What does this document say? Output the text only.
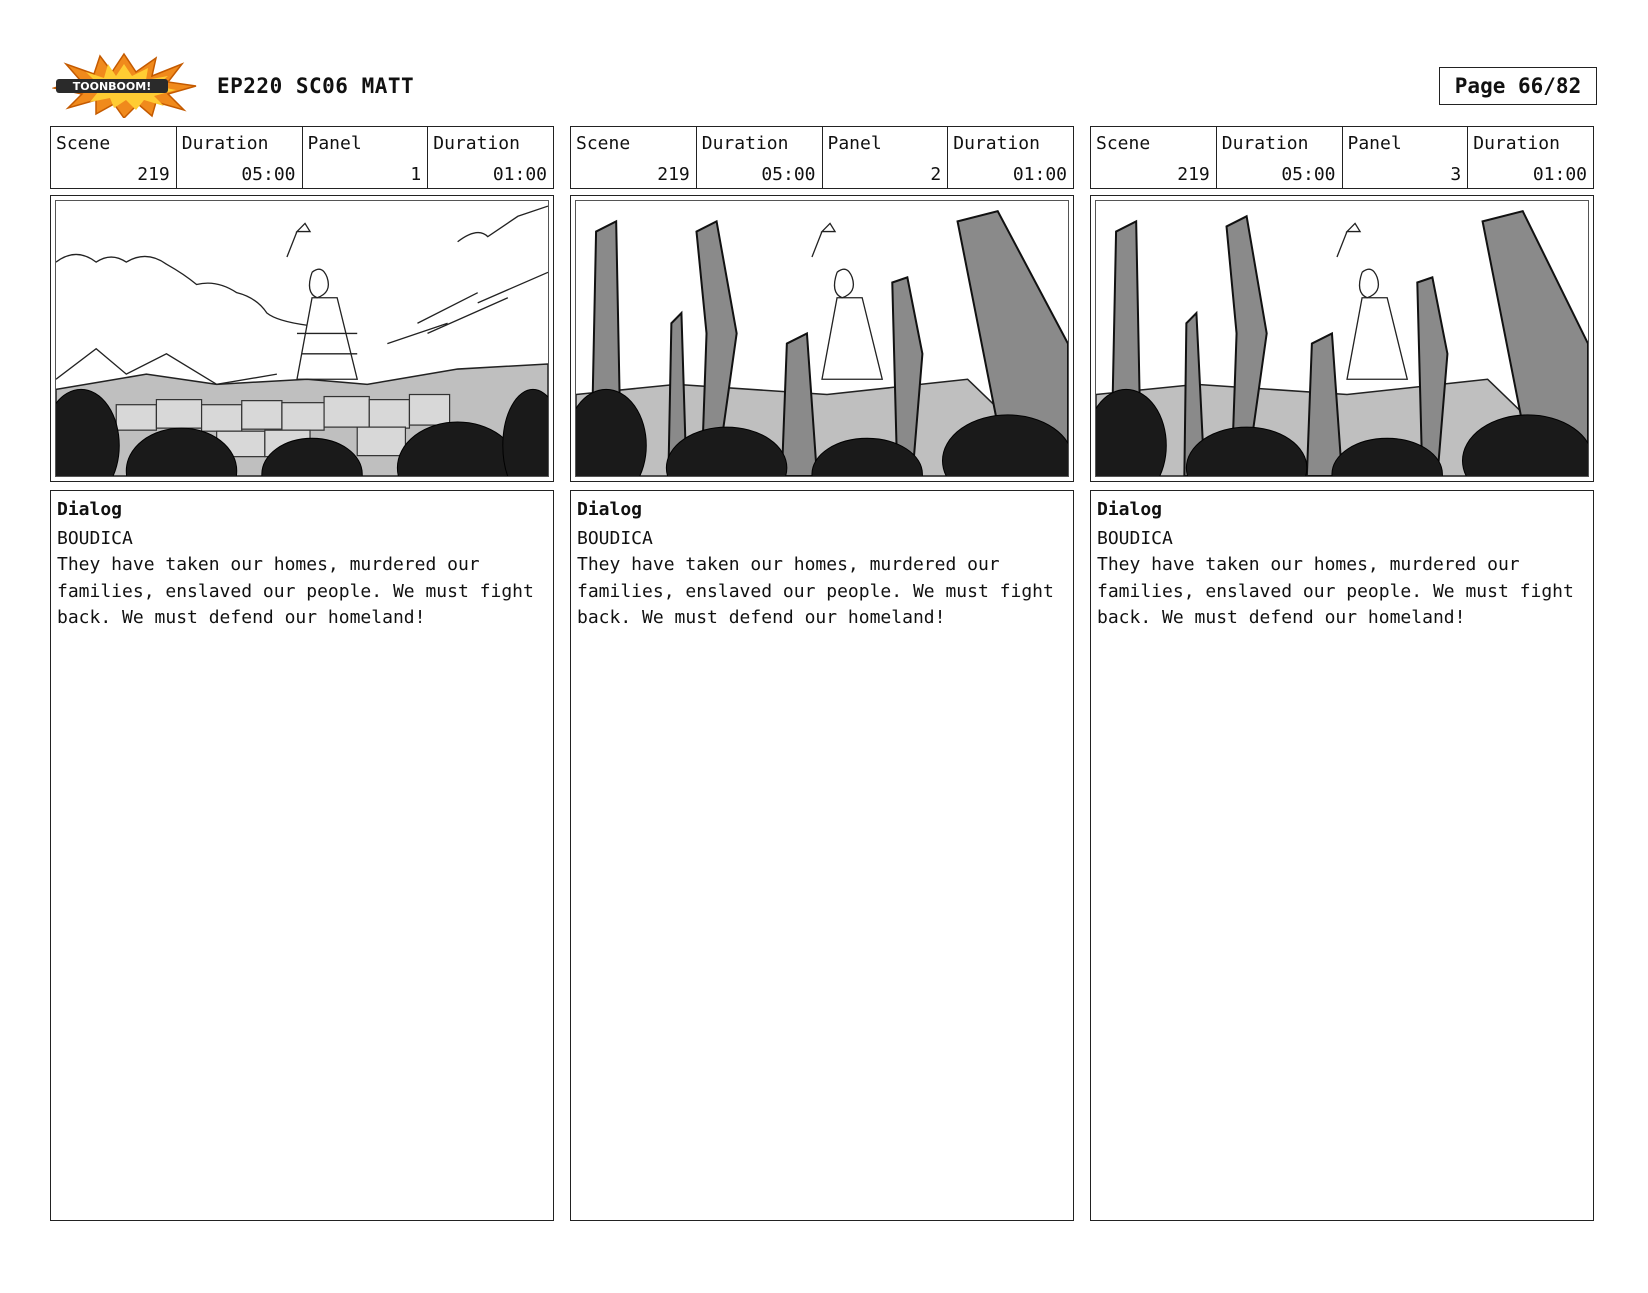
TOONBOOM!	EP220 SC06 MATT	Page 66/82
Scene
219
Duration
05:00
Panel
1
Duration
01:00
Dialog
BOUDICA
They have taken our homes, murdered our families, enslaved our people. We must fight back. We must defend our homeland!
Scene
219
Duration
05:00
Panel
2
Duration
01:00
Dialog
BOUDICA
They have taken our homes, murdered our families, enslaved our people. We must fight back. We must defend our homeland!
Scene
219
Duration
05:00
Panel
3
Duration
01:00
Dialog
BOUDICA
They have taken our homes, murdered our families, enslaved our people. We must fight back. We must defend our homeland!
